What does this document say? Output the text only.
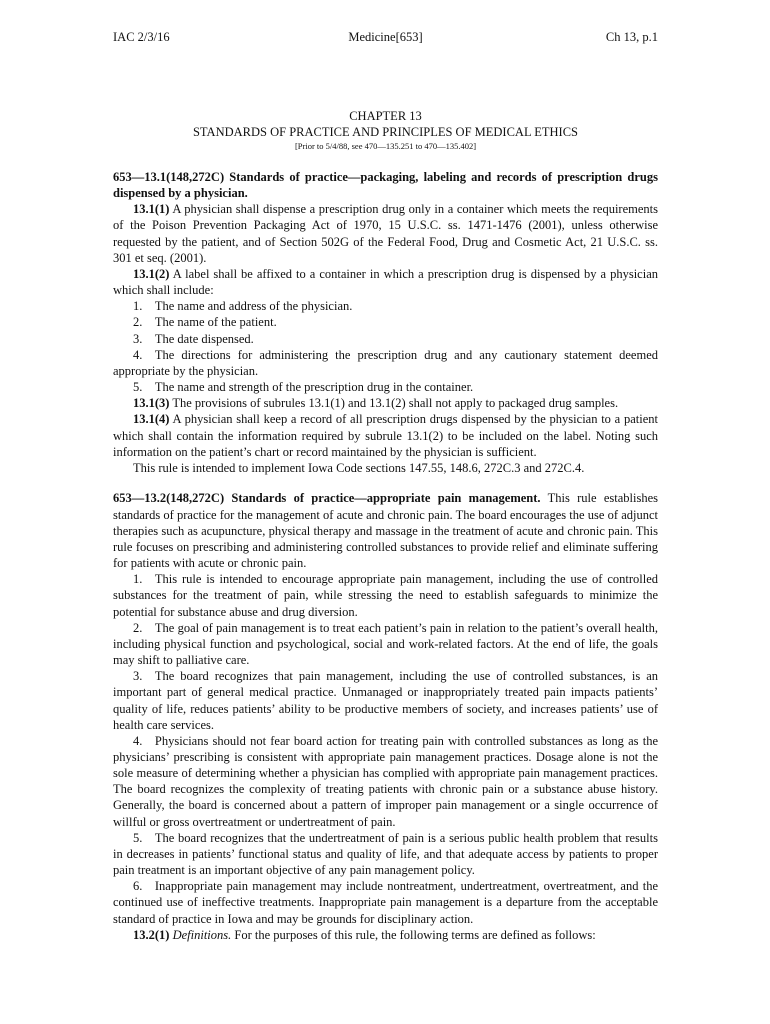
IAC 2/3/16	Medicine[653]	Ch 13, p.1
CHAPTER 13
STANDARDS OF PRACTICE AND PRINCIPLES OF MEDICAL ETHICS
[Prior to 5/4/88, see 470—135.251 to 470—135.402]

653—13.1(148,272C) Standards of practice—packaging, labeling and records of prescription drugs dispensed by a physician.

13.1(1) A physician shall dispense a prescription drug only in a container which meets the requirements of the Poison Prevention Packaging Act of 1970, 15 U.S.C. ss. 1471-1476 (2001), unless otherwise requested by the patient, and of Section 502G of the Federal Food, Drug and Cosmetic Act, 21 U.S.C. ss. 301 et seq. (2001).

13.1(2) A label shall be affixed to a container in which a prescription drug is dispensed by a physician which shall include:

1. The name and address of the physician.

2. The name of the patient.

3. The date dispensed.

4. The directions for administering the prescription drug and any cautionary statement deemed appropriate by the physician.

5. The name and strength of the prescription drug in the container.

13.1(3) The provisions of subrules 13.1(1) and 13.1(2) shall not apply to packaged drug samples.

13.1(4) A physician shall keep a record of all prescription drugs dispensed by the physician to a patient which shall contain the information required by subrule 13.1(2) to be included on the label. Noting such information on the patient’s chart or record maintained by the physician is sufficient.

This rule is intended to implement Iowa Code sections 147.55, 148.6, 272C.3 and 272C.4.

653—13.2(148,272C) Standards of practice—appropriate pain management. This rule establishes standards of practice for the management of acute and chronic pain. The board encourages the use of adjunct therapies such as acupuncture, physical therapy and massage in the treatment of acute and chronic pain. This rule focuses on prescribing and administering controlled substances to provide relief and eliminate suffering for patients with acute or chronic pain.

1. This rule is intended to encourage appropriate pain management, including the use of controlled substances for the treatment of pain, while stressing the need to establish safeguards to minimize the potential for substance abuse and drug diversion.

2. The goal of pain management is to treat each patient’s pain in relation to the patient’s overall health, including physical function and psychological, social and work-related factors. At the end of life, the goals may shift to palliative care.

3. The board recognizes that pain management, including the use of controlled substances, is an important part of general medical practice. Unmanaged or inappropriately treated pain impacts patients’ quality of life, reduces patients’ ability to be productive members of society, and increases patients’ use of health care services.

4. Physicians should not fear board action for treating pain with controlled substances as long as the physicians’ prescribing is consistent with appropriate pain management practices. Dosage alone is not the sole measure of determining whether a physician has complied with appropriate pain management practices. The board recognizes the complexity of treating patients with chronic pain or a substance abuse history. Generally, the board is concerned about a pattern of improper pain management or a single occurrence of willful or gross overtreatment or undertreatment of pain.

5. The board recognizes that the undertreatment of pain is a serious public health problem that results in decreases in patients’ functional status and quality of life, and that adequate access by patients to proper pain treatment is an important objective of any pain management policy.

6. Inappropriate pain management may include nontreatment, undertreatment, overtreatment, and the continued use of ineffective treatments. Inappropriate pain management is a departure from the acceptable standard of practice in Iowa and may be grounds for disciplinary action.

13.2(1) Definitions. For the purposes of this rule, the following terms are defined as follows:
